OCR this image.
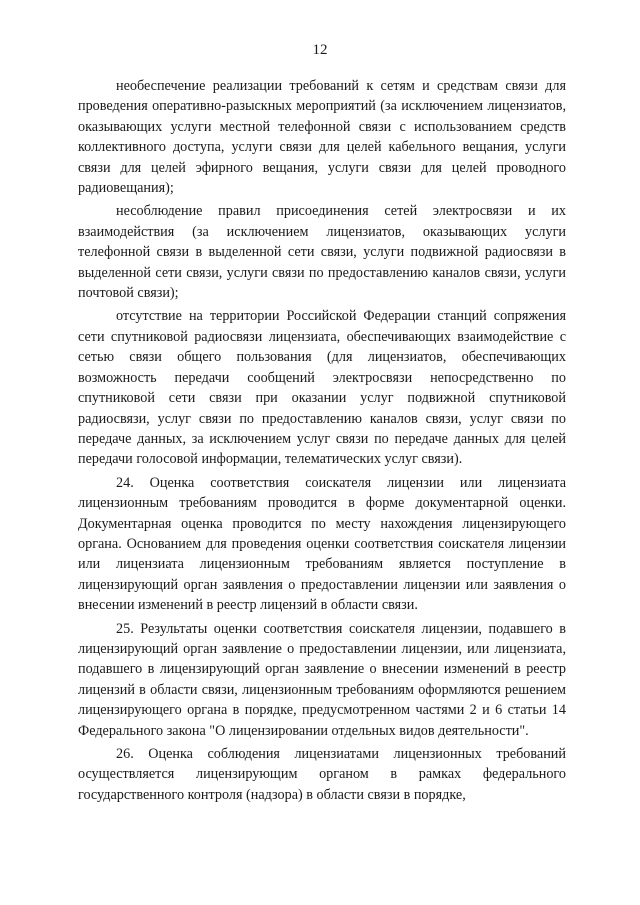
12

необеспечение реализации требований к сетям и средствам связи для проведения оперативно-разыскных мероприятий (за исключением лицензиатов, оказывающих услуги местной телефонной связи с использованием средств коллективного доступа, услуги связи для целей кабельного вещания, услуги связи для целей эфирного вещания, услуги связи для целей проводного радиовещания);

несоблюдение правил присоединения сетей электросвязи и их взаимодействия (за исключением лицензиатов, оказывающих услуги телефонной связи в выделенной сети связи, услуги подвижной радиосвязи в выделенной сети связи, услуги связи по предоставлению каналов связи, услуги почтовой связи);

отсутствие на территории Российской Федерации станций сопряжения сети спутниковой радиосвязи лицензиата, обеспечивающих взаимодействие с сетью связи общего пользования (для лицензиатов, обеспечивающих возможность передачи сообщений электросвязи непосредственно по спутниковой сети связи при оказании услуг подвижной спутниковой радиосвязи, услуг связи по предоставлению каналов связи, услуг связи по передаче данных, за исключением услуг связи по передаче данных для целей передачи голосовой информации, телематических услуг связи).

24. Оценка соответствия соискателя лицензии или лицензиата лицензионным требованиям проводится в форме документарной оценки. Документарная оценка проводится по месту нахождения лицензирующего органа. Основанием для проведения оценки соответствия соискателя лицензии или лицензиата лицензионным требованиям является поступление в лицензирующий орган заявления о предоставлении лицензии или заявления о внесении изменений в реестр лицензий в области связи.

25. Результаты оценки соответствия соискателя лицензии, подавшего в лицензирующий орган заявление о предоставлении лицензии, или лицензиата, подавшего в лицензирующий орган заявление о внесении изменений в реестр лицензий в области связи, лицензионным требованиям оформляются решением лицензирующего органа в порядке, предусмотренном частями 2 и 6 статьи 14 Федерального закона "О лицензировании отдельных видов деятельности".

26. Оценка соблюдения лицензиатами лицензионных требований осуществляется лицензирующим органом в рамках федерального государственного контроля (надзора) в области связи в порядке,
